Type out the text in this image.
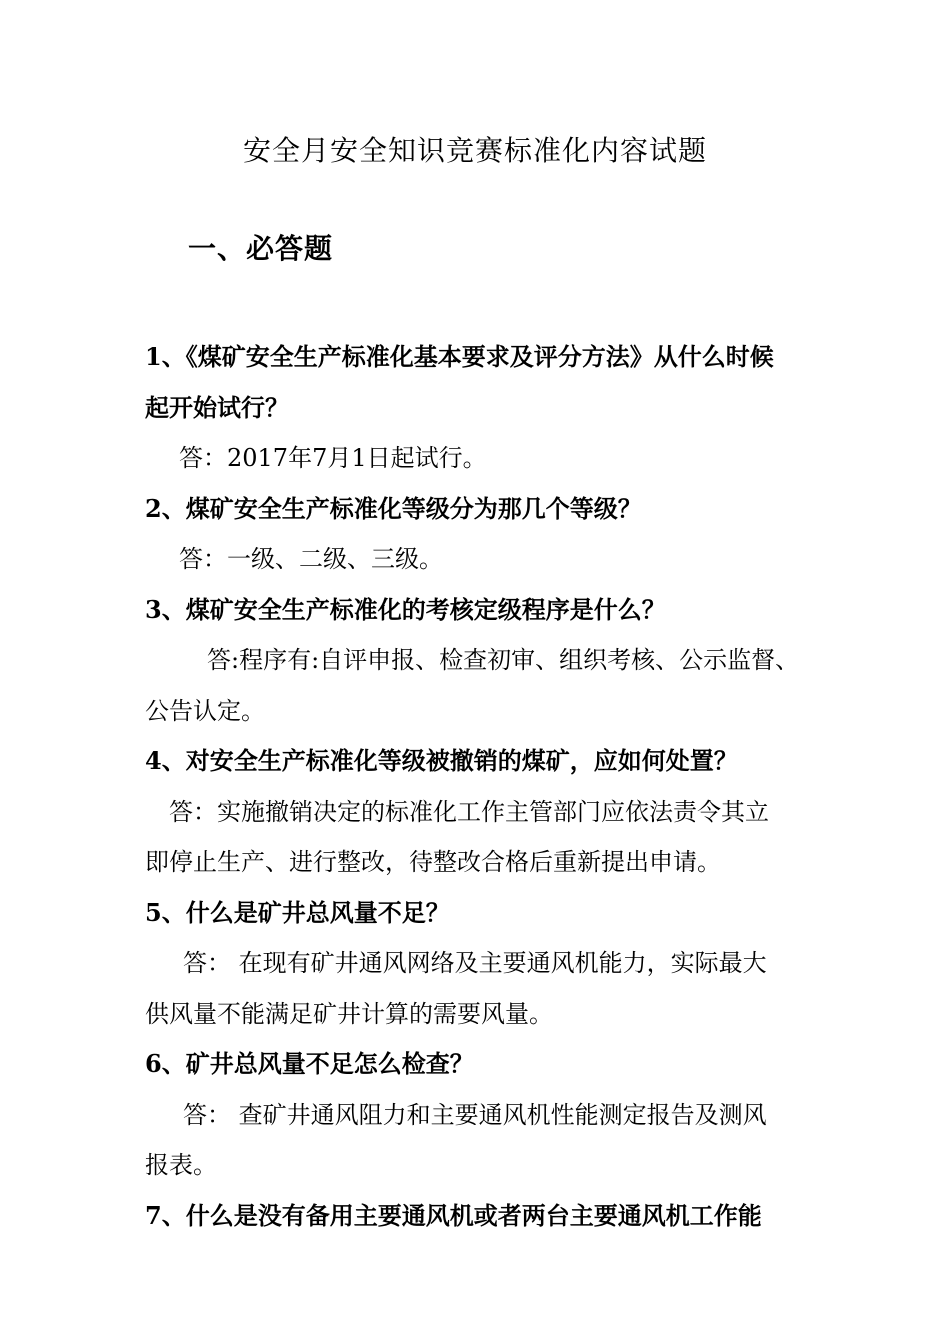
安全月安全知识竞赛标准化内容试题
一、必答题
1、《煤矿安全生产标准化基本要求及评分方法》从什么时候
起开始试行？
答：2017年7月1日起试行。
2、煤矿安全生产标准化等级分为那几个等级？
答：一级、二级、三级。
3、煤矿安全生产标准化的考核定级程序是什么？
答:程序有:自评申报、检查初审、组织考核、公示监督、
公告认定。
4、对安全生产标准化等级被撤销的煤矿，应如何处置？
答：实施撤销决定的标准化工作主管部门应依法责令其立
即停止生产、进行整改，待整改合格后重新提出申请。
5、什么是矿井总风量不足？
答： 在现有矿井通风网络及主要通风机能力，实际最大
供风量不能满足矿井计算的需要风量。
6、矿井总风量不足怎么检查？
答： 查矿井通风阻力和主要通风机性能测定报告及测风
报表。
7、什么是没有备用主要通风机或者两台主要通风机工作能
